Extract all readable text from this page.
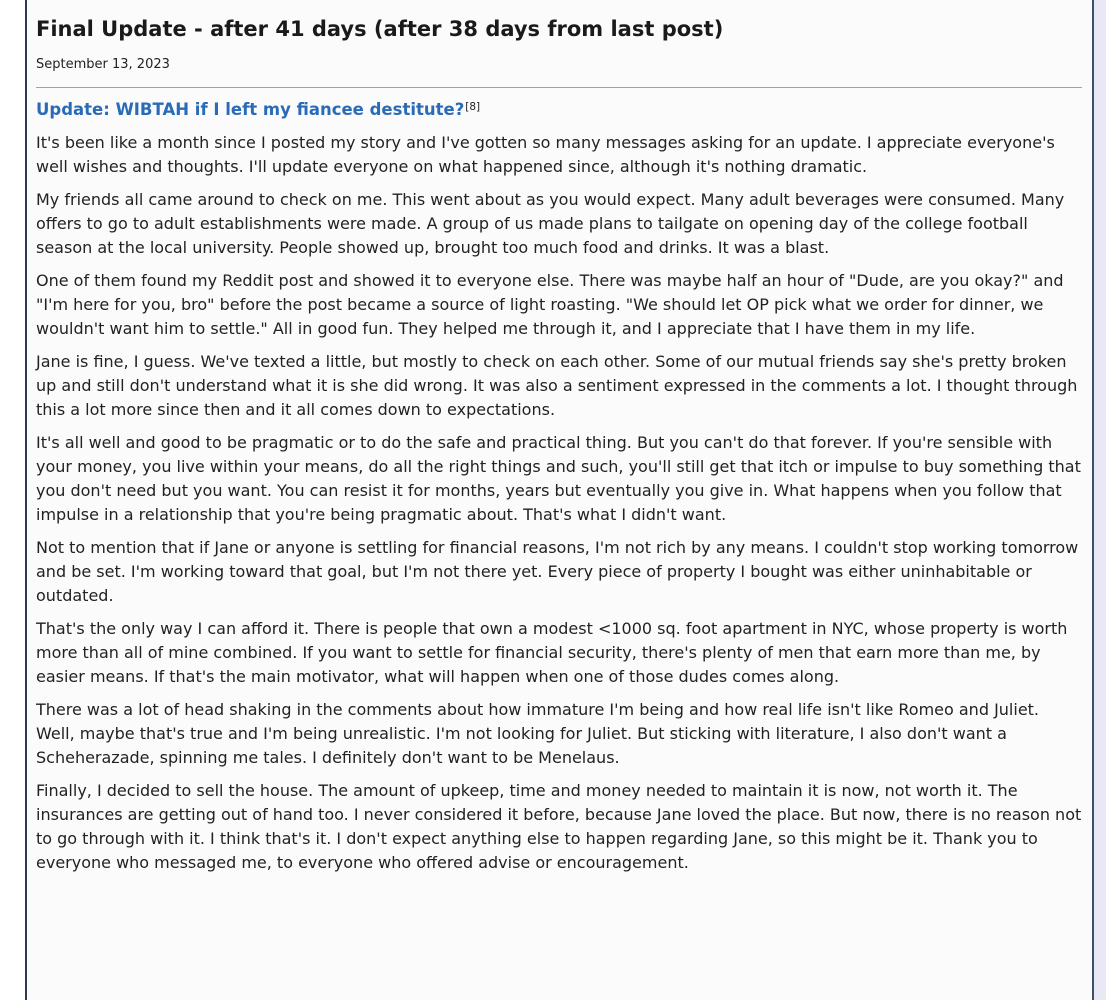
Final Update - after 41 days (after 38 days from last post)
September 13, 2023
Update: WIBTAH if I left my fiancee destitute?[8]

It's been like a month since I posted my story and I've gotten so many messages asking for an update. I appreciate everyone's well wishes and thoughts. I'll update everyone on what happened since, although it's nothing dramatic.

My friends all came around to check on me. This went about as you would expect. Many adult beverages were consumed. Many offers to go to adult establishments were made. A group of us made plans to tailgate on opening day of the college football season at the local university. People showed up, brought too much food and drinks. It was a blast.

One of them found my Reddit post and showed it to everyone else. There was maybe half an hour of "Dude, are you okay?" and "I'm here for you, bro" before the post became a source of light roasting. "We should let OP pick what we order for dinner, we wouldn't want him to settle." All in good fun. They helped me through it, and I appreciate that I have them in my life.

Jane is fine, I guess. We've texted a little, but mostly to check on each other. Some of our mutual friends say she's pretty broken up and still don't understand what it is she did wrong. It was also a sentiment expressed in the comments a lot. I thought through this a lot more since then and it all comes down to expectations.

It's all well and good to be pragmatic or to do the safe and practical thing. But you can't do that forever. If you're sensible with your money, you live within your means, do all the right things and such, you'll still get that itch or impulse to buy something that you don't need but you want. You can resist it for months, years but eventually you give in. What happens when you follow that impulse in a relationship that you're being pragmatic about. That's what I didn't want.

Not to mention that if Jane or anyone is settling for financial reasons, I'm not rich by any means. I couldn't stop working tomorrow and be set. I'm working toward that goal, but I'm not there yet. Every piece of property I bought was either uninhabitable or outdated.

That's the only way I can afford it. There is people that own a modest <1000 sq. foot apartment in NYC, whose property is worth more than all of mine combined. If you want to settle for financial security, there's plenty of men that earn more than me, by easier means. If that's the main motivator, what will happen when one of those dudes comes along.

There was a lot of head shaking in the comments about how immature I'm being and how real life isn't like Romeo and Juliet. Well, maybe that's true and I'm being unrealistic. I'm not looking for Juliet. But sticking with literature, I also don't want a Scheherazade, spinning me tales. I definitely don't want to be Menelaus.

Finally, I decided to sell the house. The amount of upkeep, time and money needed to maintain it is now, not worth it. The insurances are getting out of hand too. I never considered it before, because Jane loved the place. But now, there is no reason not to go through with it. I think that's it. I don't expect anything else to happen regarding Jane, so this might be it. Thank you to everyone who messaged me, to everyone who offered advise or encouragement.
